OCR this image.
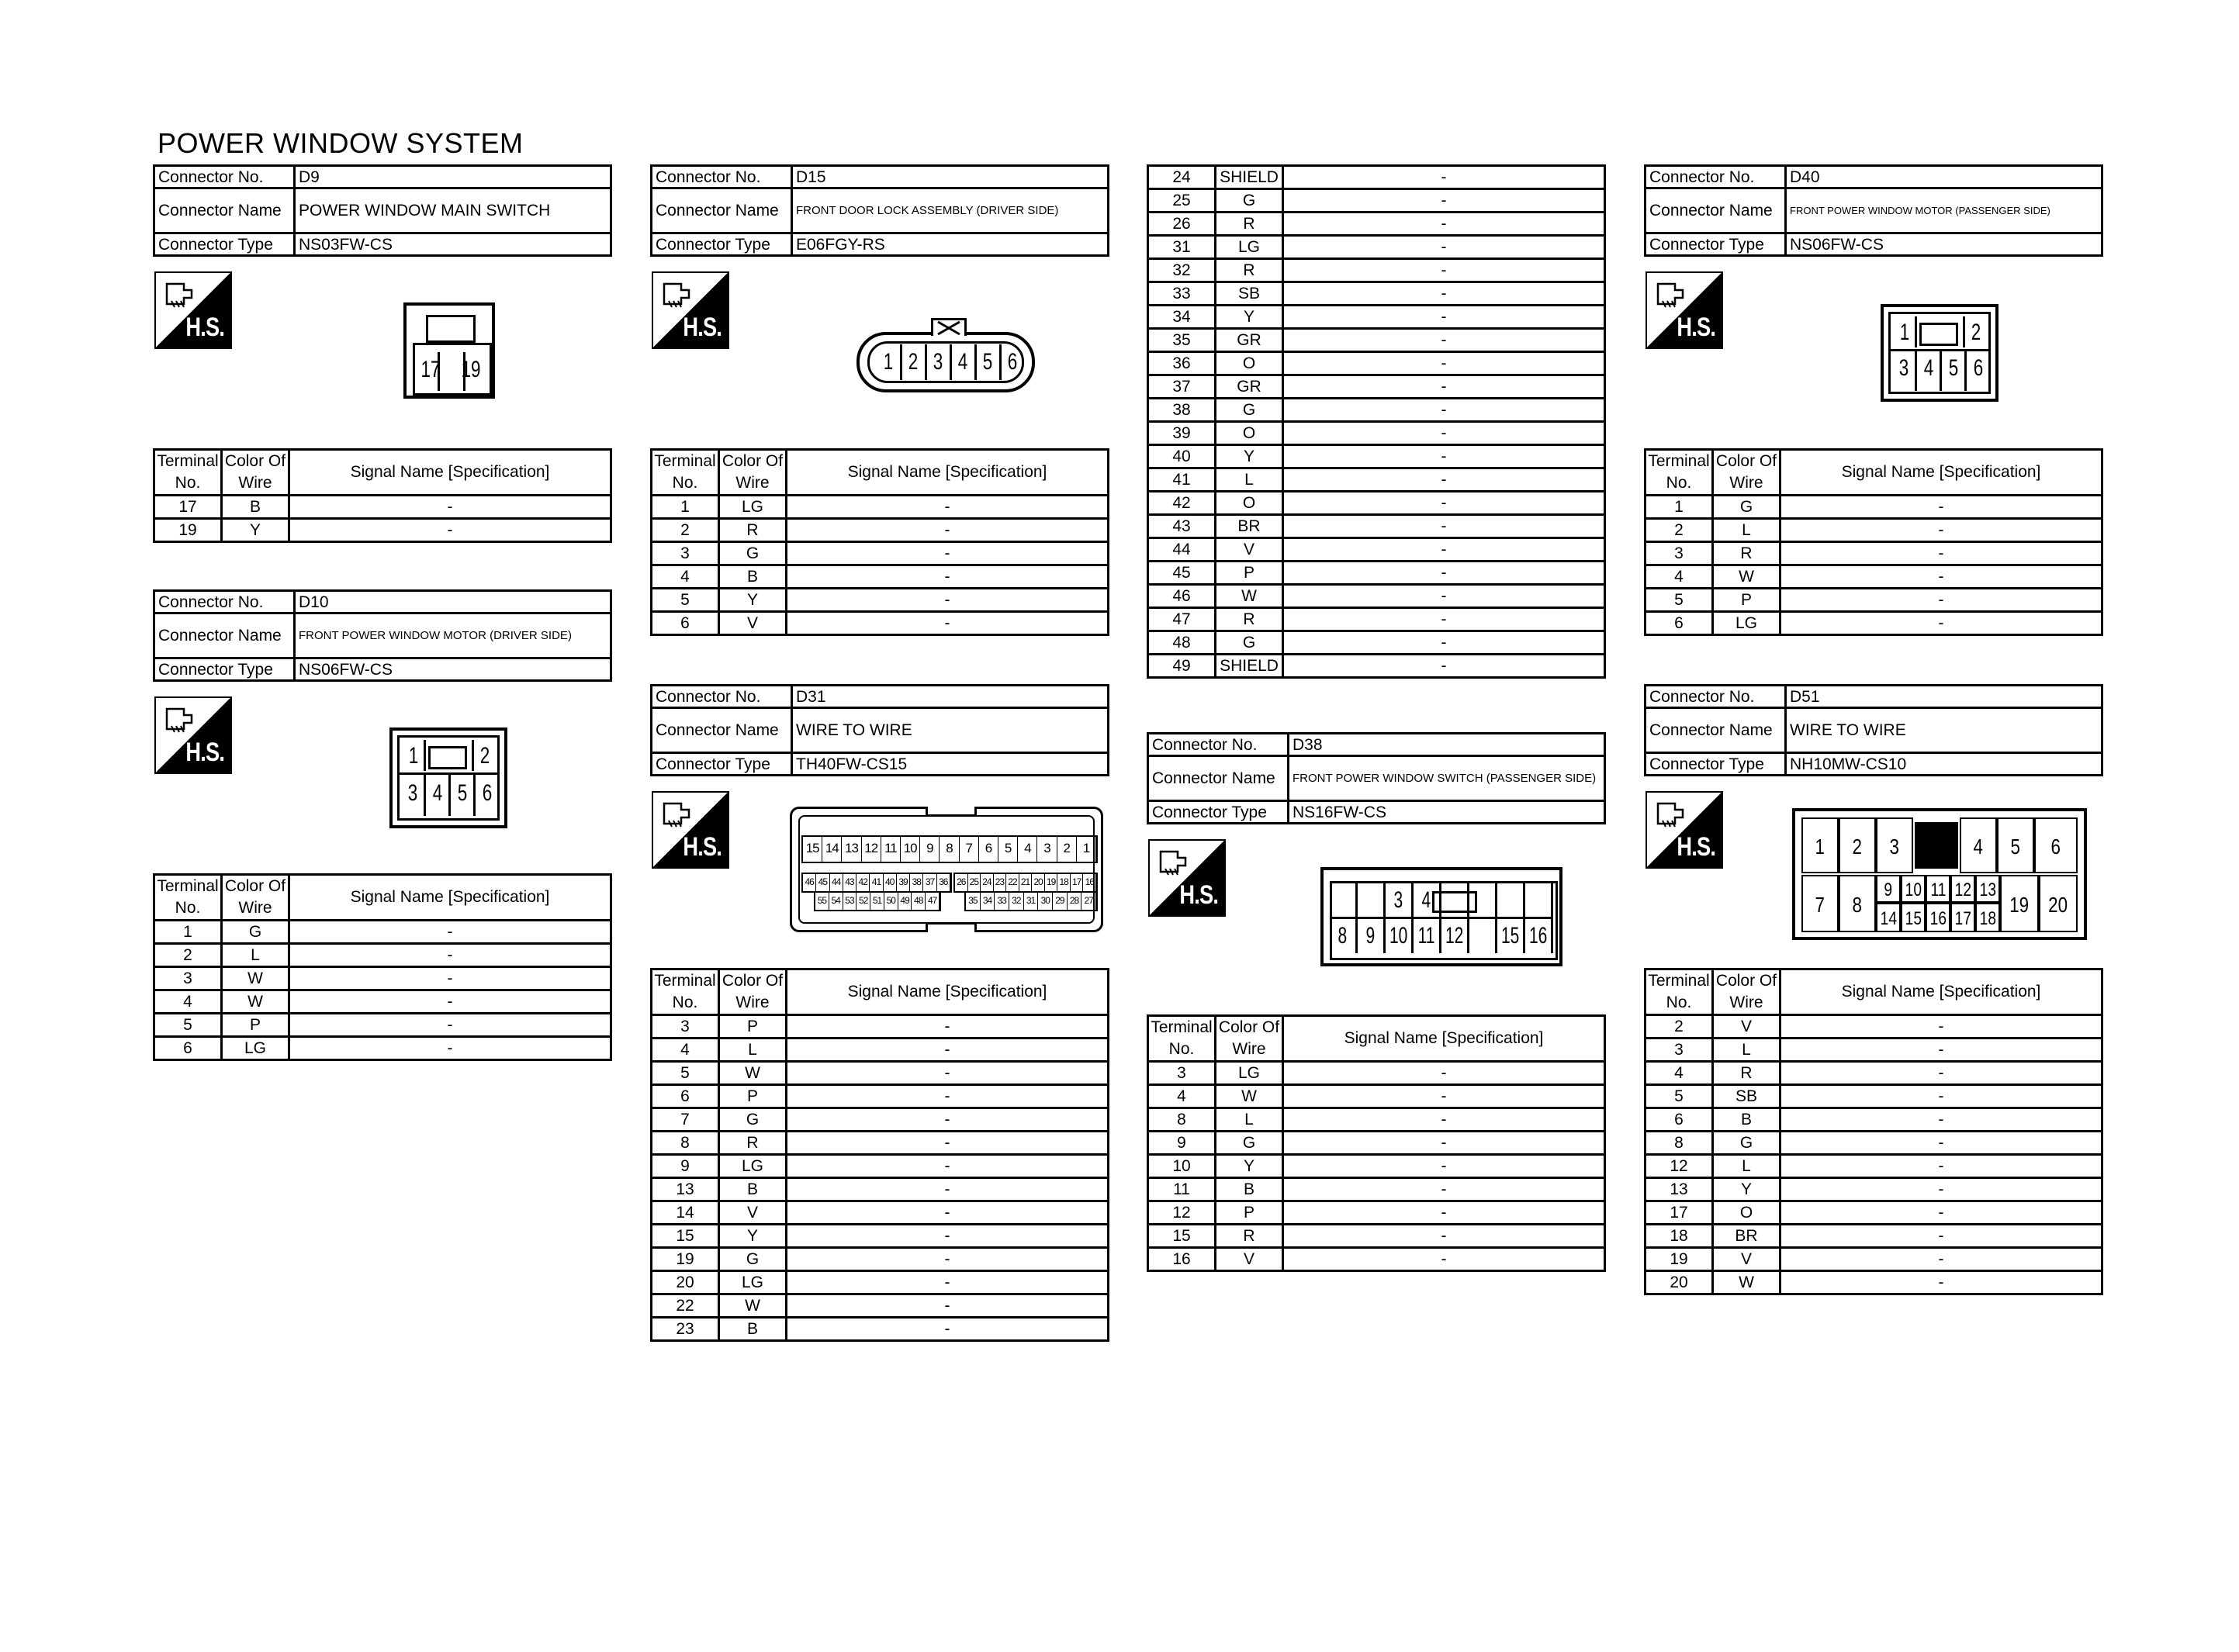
POWER WINDOW SYSTEM
Connector No.	D9
Connector Name	POWER WINDOW MAIN SWITCH
Connector Type	NS03FW-CS
H.S.
17 19
Terminal No.	Color Of Wire	Signal Name [Specification]
17	B	-
19	Y	-
Connector No.	D10
Connector Name	FRONT POWER WINDOW MOTOR (DRIVER SIDE)
Connector Type	NS06FW-CS
H.S.	1	2
3 4 5 6
Terminal No.	Color Of Wire	Signal Name [Specification]
1	G	-
2	L	-
3	W	-
4	W	-
5	P	-
6	LG	-
Connector No.	D15
Connector Name	FRONT DOOR LOCK ASSEMBLY (DRIVER SIDE)
Connector Type	E06FGY-RS
H.S.
1 2 3 4 5 6
Terminal No.	Color Of Wire	Signal Name [Specification]
1	LG	-
2	R	-
3	G	-
4	B	-
5	Y	-
6	V	-
Connector No.	D31
Connector Name	WIRE TO WIRE
Connector Type	TH40FW-CS15
H.S.	15 14 13 12 11 10 9 8 7 6 5 4 3 2 1
46 45 44 43 42 41 40 39 38 37 36 26 25 24 23 22 21 20 19 18 17 16
55 54 53 52 51 50 49 48 47	35 34 33 32 31 30 29 28 27
Terminal No.	Color Of Wire	Signal Name [Specification]
3	P	-
4	L	-
5	W	-
6	P	-
7	G	-
8	R	-
9	LG	-
13	B	-
14	V	-
15	Y	-
19	G	-
20	LG	-
22	W	-
23	B	-
24	SHIELD	-
25	G	-
26	R	-
31	LG	-
32	R	-
33	SB	-
34	Y	-
35	GR	-
36	O	-
37	GR	-
38	G	-
39	O	-
40	Y	-
41	L	-
42	O	-
43	BR	-
44	V	-
45	P	-
46	W	-
47	R	-
48	G	-
49	SHIELD	-
Connector No.	D38
Connector Name	FRONT POWER WINDOW SWITCH (PASSENGER SIDE)
Connector Type	NS16FW-CS
H.S.	3 4
8 9 10 11 12 15 16
Terminal No.	Color Of Wire	Signal Name [Specification]
3	LG	-
4	W	-
8	L	-
9	G	-
10	Y	-
11	B	-
12	P	-
15	R	-
16	V	-
Connector No.	D40
Connector Name	FRONT POWER WINDOW MOTOR (PASSENGER SIDE)
Connector Type	NS06FW-CS
H.S.	1	2
3 4 5 6
Terminal No.	Color Of Wire	Signal Name [Specification]
1	G	-
2	L	-
3	R	-
4	W	-
5	P	-
6	LG	-
Connector No.	D51
Connector Name	WIRE TO WIRE
Connector Type	NH10MW-CS10
H.S.	1	2	3	4	5	6
7	8
9 10 11 12 13
14 15 16 17 18
19 20
Terminal No.	Color Of Wire	Signal Name [Specification]
2	V	-
3	L	-
4	R	-
5	SB	-
6	B	-
8	G	-
12	L	-
13	Y	-
17	O	-
18	BR	-
19	V	-
20	W	-
